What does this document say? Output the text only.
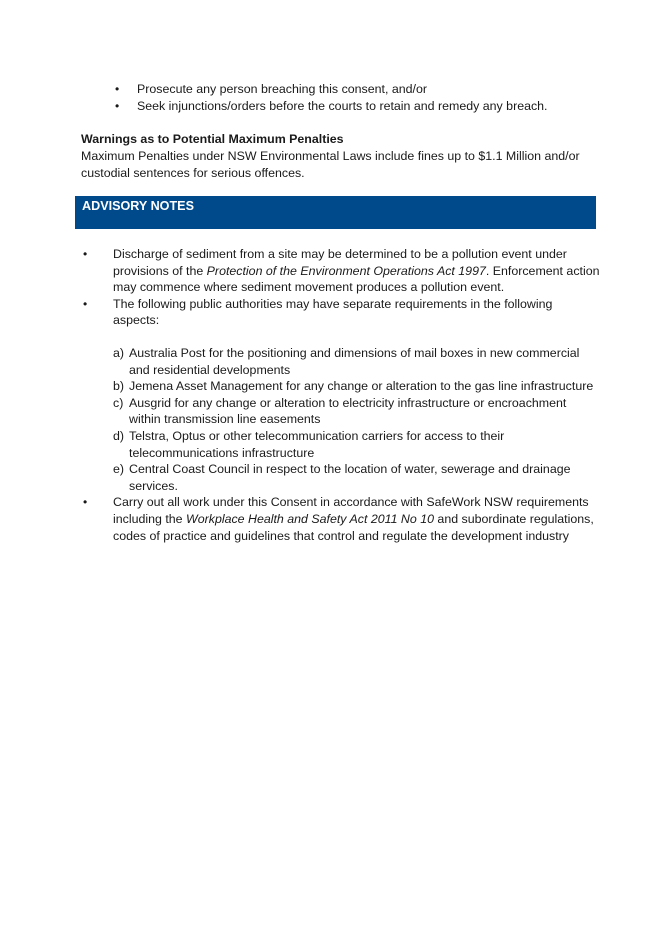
• Prosecute any person breaching this consent, and/or
• Seek injunctions/orders before the courts to retain and remedy any breach.

Warnings as to Potential Maximum Penalties

Maximum Penalties under NSW Environmental Laws include fines up to $1.1 Million and/or custodial sentences for serious offences.

ADVISORY NOTES

• Discharge of sediment from a site may be determined to be a pollution event under provisions of the Protection of the Environment Operations Act 1997. Enforcement action may commence where sediment movement produces a pollution event.
• The following public authorities may have separate requirements in the following aspects:
a) Australia Post for the positioning and dimensions of mail boxes in new commercial and residential developments
b) Jemena Asset Management for any change or alteration to the gas line infrastructure
c) Ausgrid for any change or alteration to electricity infrastructure or encroachment within transmission line easements
d) Telstra, Optus or other telecommunication carriers for access to their telecommunications infrastructure
e) Central Coast Council in respect to the location of water, sewerage and drainage services.
• Carry out all work under this Consent in accordance with SafeWork NSW requirements including the Workplace Health and Safety Act 2011 No 10 and subordinate regulations, codes of practice and guidelines that control and regulate the development industry
